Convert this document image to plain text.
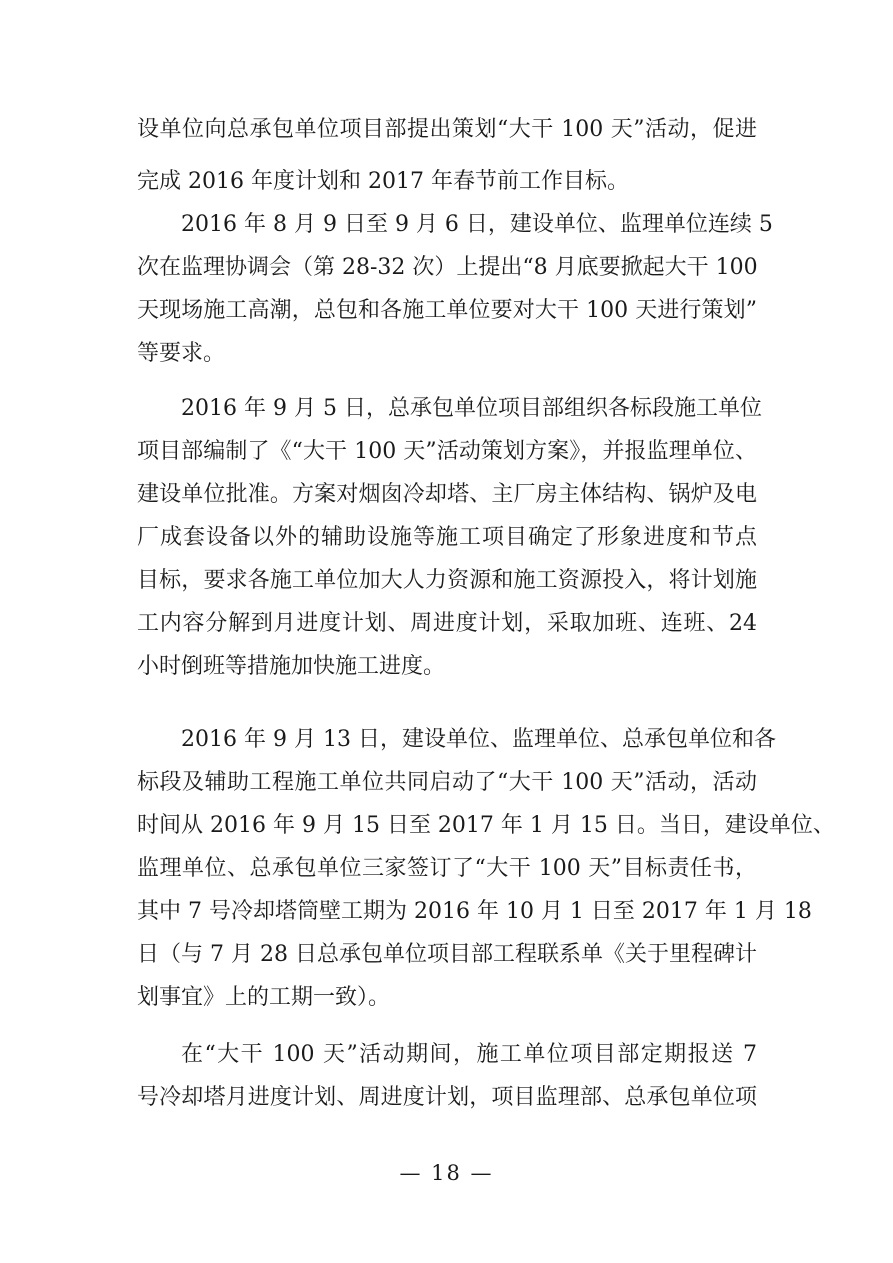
设单位向总承包单位项目部提出策划“大干 100 天”活动，促进
完成 2016 年度计划和 2017 年春节前工作目标。
2016 年 8 月 9 日至 9 月 6 日，建设单位、监理单位连续 5
次在监理协调会（第 28-32 次）上提出“8 月底要掀起大干 100
天现场施工高潮，总包和各施工单位要对大干 100 天进行策划”
等要求。
2016 年 9 月 5 日，总承包单位项目部组织各标段施工单位
项目部编制了《“大干 100 天”活动策划方案》，并报监理单位、
建设单位批准。方案对烟囱冷却塔、主厂房主体结构、锅炉及电
厂成套设备以外的辅助设施等施工项目确定了形象进度和节点
目标，要求各施工单位加大人力资源和施工资源投入，将计划施
工内容分解到月进度计划、周进度计划，采取加班、连班、24
小时倒班等措施加快施工进度。
2016 年 9 月 13 日，建设单位、监理单位、总承包单位和各
标段及辅助工程施工单位共同启动了“大干 100 天”活动，活动
时间从 2016 年 9 月 15 日至 2017 年 1 月 15 日。当日，建设单位、
监理单位、总承包单位三家签订了“大干 100 天”目标责任书，
其中 7 号冷却塔筒壁工期为 2016 年 10 月 1 日至 2017 年 1 月 18
日（与 7 月 28 日总承包单位项目部工程联系单《关于里程碑计
划事宜》上的工期一致）。
在“大干 100 天”活动期间，施工单位项目部定期报送 7
号冷却塔月进度计划、周进度计划，项目监理部、总承包单位项
— 18 —
